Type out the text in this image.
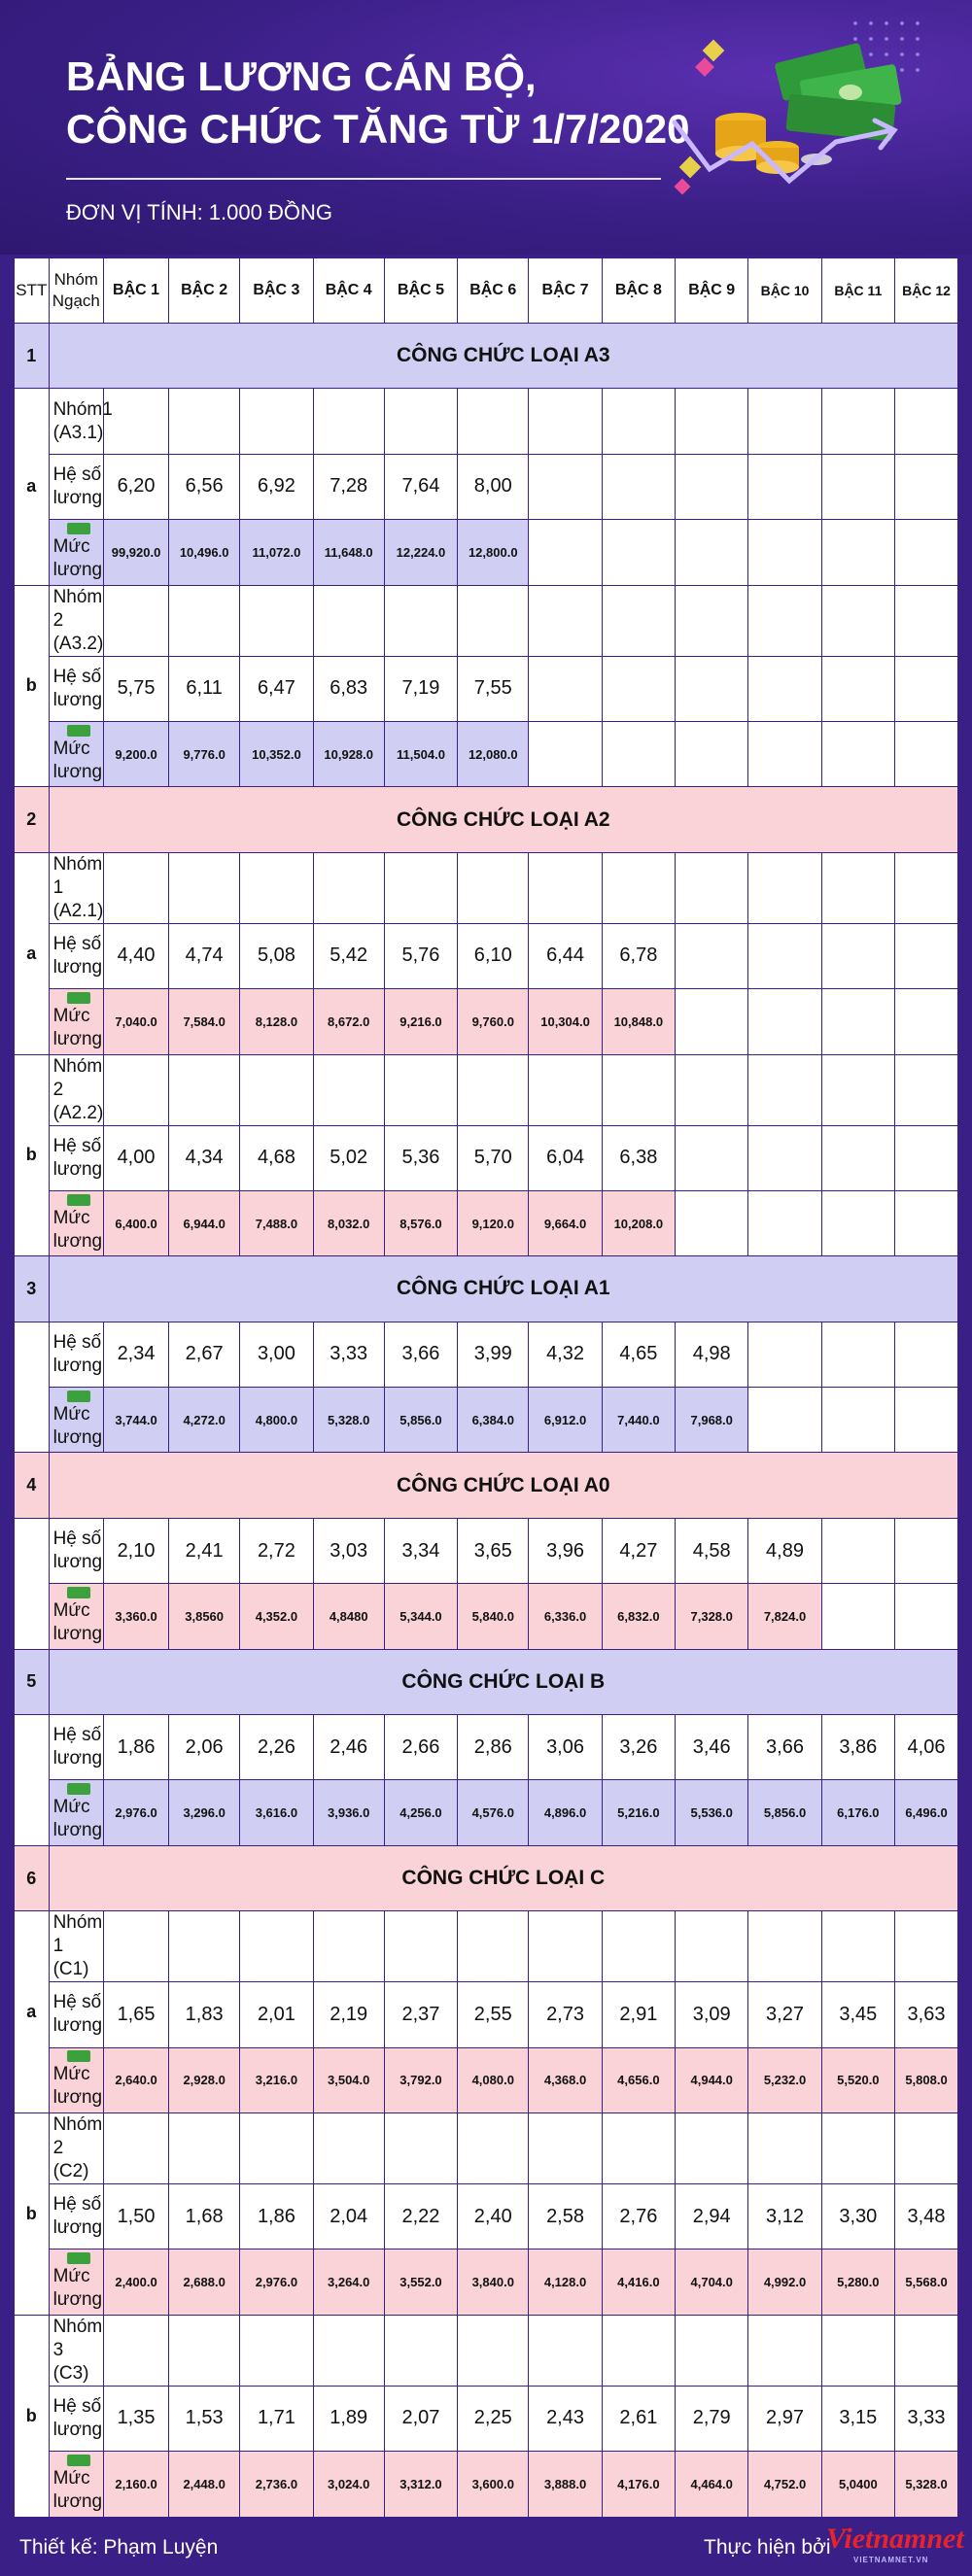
BẢNG LƯƠNG CÁN BỘ,
CÔNG CHỨC TĂNG TỪ 1/7/2020
ĐƠN VỊ TÍNH: 1.000 ĐỒNG
STT	Nhóm Ngạch	BẬC 1	BẬC 2	BẬC 3	BẬC 4	BẬC 5	BẬC 6	BẬC 7	BẬC 8	BẬC 9	BẬC 10	BẬC 11	BẬC 12
1	CÔNG CHỨC LOẠI A3												
a	Nhóm1 (A3.1)												
	Hệ số lương	6,20	6,56	6,92	7,28	7,64	8,00						

Mức lương	99,920.0	10,496.0	11,072.0	11,648.0	12,224.0	12,800.0						
b	Nhóm 2 (A3.2)												
	Hệ số lương	5,75	6,11	6,47	6,83	7,19	7,55						

Mức lương	9,200.0	9,776.0	10,352.0	10,928.0	11,504.0	12,080.0						
2	CÔNG CHỨC LOẠI A2												
a	Nhóm 1 (A2.1)												
	Hệ số lương	4,40	4,74	5,08	5,42	5,76	6,10	6,44	6,78				

Mức lương	7,040.0	7,584.0	8,128.0	8,672.0	9,216.0	9,760.0	10,304.0	10,848.0				
b	Nhóm 2 (A2.2)												
	Hệ số lương	4,00	4,34	4,68	5,02	5,36	5,70	6,04	6,38				

Mức lương	6,400.0	6,944.0	7,488.0	8,032.0	8,576.0	9,120.0	9,664.0	10,208.0				
3	CÔNG CHỨC LOẠI A1												
	Hệ số lương	2,34	2,67	3,00	3,33	3,66	3,99	4,32	4,65	4,98			

Mức lương	3,744.0	4,272.0	4,800.0	5,328.0	5,856.0	6,384.0	6,912.0	7,440.0	7,968.0			
4	CÔNG CHỨC LOẠI A0												
	Hệ số lương	2,10	2,41	2,72	3,03	3,34	3,65	3,96	4,27	4,58	4,89		

Mức lương	3,360.0	3,8560	4,352.0	4,8480	5,344.0	5,840.0	6,336.0	6,832.0	7,328.0	7,824.0		
5	CÔNG CHỨC LOẠI B												
	Hệ số lương	1,86	2,06	2,26	2,46	2,66	2,86	3,06	3,26	3,46	3,66	3,86	4,06

Mức lương	2,976.0	3,296.0	3,616.0	3,936.0	4,256.0	4,576.0	4,896.0	5,216.0	5,536.0	5,856.0	6,176.0	6,496.0
6	CÔNG CHỨC LOẠI C												
a	Nhóm 1 (C1)												
	Hệ số lương	1,65	1,83	2,01	2,19	2,37	2,55	2,73	2,91	3,09	3,27	3,45	3,63

Mức lương	2,640.0	2,928.0	3,216.0	3,504.0	3,792.0	4,080.0	4,368.0	4,656.0	4,944.0	5,232.0	5,520.0	5,808.0
b	Nhóm 2 (C2)												
	Hệ số lương	1,50	1,68	1,86	2,04	2,22	2,40	2,58	2,76	2,94	3,12	3,30	3,48

Mức lương	2,400.0	2,688.0	2,976.0	3,264.0	3,552.0	3,840.0	4,128.0	4,416.0	4,704.0	4,992.0	5,280.0	5,568.0
b	Nhóm 3 (C3)												
	Hệ số lương	1,35	1,53	1,71	1,89	2,07	2,25	2,43	2,61	2,79	2,97	3,15	3,33

Mức lương	2,160.0	2,448.0	2,736.0	3,024.0	3,312.0	3,600.0	3,888.0	4,176.0	4,464.0	4,752.0	5,0400	5,328.0
Thiết kế: Phạm Luyện	Thực hiện bởi
Vietnamnet
VIETNAMNET.VN
